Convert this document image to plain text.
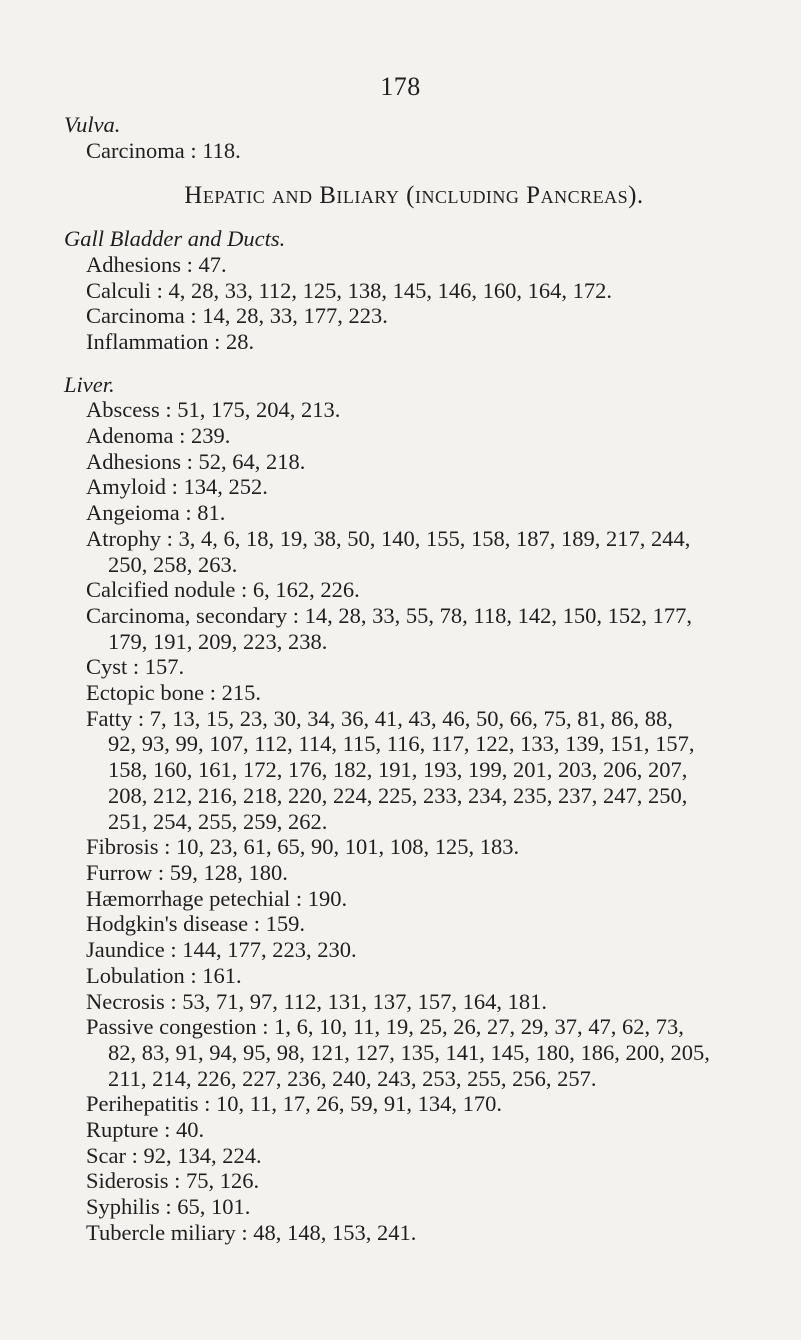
178
Vulva.
Carcinoma : 118.
Hepatic and Biliary (including Pancreas).
Gall Bladder and Ducts.
Adhesions : 47.
Calculi : 4, 28, 33, 112, 125, 138, 145, 146, 160, 164, 172.
Carcinoma : 14, 28, 33, 177, 223.
Inflammation : 28.
Liver.
Abscess : 51, 175, 204, 213.
Adenoma : 239.
Adhesions : 52, 64, 218.
Amyloid : 134, 252.
Angeioma : 81.
Atrophy : 3, 4, 6, 18, 19, 38, 50, 140, 155, 158, 187, 189, 217, 244,
250, 258, 263.
Calcified nodule : 6, 162, 226.
Carcinoma, secondary : 14, 28, 33, 55, 78, 118, 142, 150, 152, 177,
179, 191, 209, 223, 238.
Cyst : 157.
Ectopic bone : 215.
Fatty : 7, 13, 15, 23, 30, 34, 36, 41, 43, 46, 50, 66, 75, 81, 86, 88,
92, 93, 99, 107, 112, 114, 115, 116, 117, 122, 133, 139, 151, 157,
158, 160, 161, 172, 176, 182, 191, 193, 199, 201, 203, 206, 207,
208, 212, 216, 218, 220, 224, 225, 233, 234, 235, 237, 247, 250,
251, 254, 255, 259, 262.
Fibrosis : 10, 23, 61, 65, 90, 101, 108, 125, 183.
Furrow : 59, 128, 180.
Hæmorrhage petechial : 190.
Hodgkin's disease : 159.
Jaundice : 144, 177, 223, 230.
Lobulation : 161.
Necrosis : 53, 71, 97, 112, 131, 137, 157, 164, 181.
Passive congestion : 1, 6, 10, 11, 19, 25, 26, 27, 29, 37, 47, 62, 73,
82, 83, 91, 94, 95, 98, 121, 127, 135, 141, 145, 180, 186, 200, 205,
211, 214, 226, 227, 236, 240, 243, 253, 255, 256, 257.
Perihepatitis : 10, 11, 17, 26, 59, 91, 134, 170.
Rupture : 40.
Scar : 92, 134, 224.
Siderosis : 75, 126.
Syphilis : 65, 101.
Tubercle miliary : 48, 148, 153, 241.
